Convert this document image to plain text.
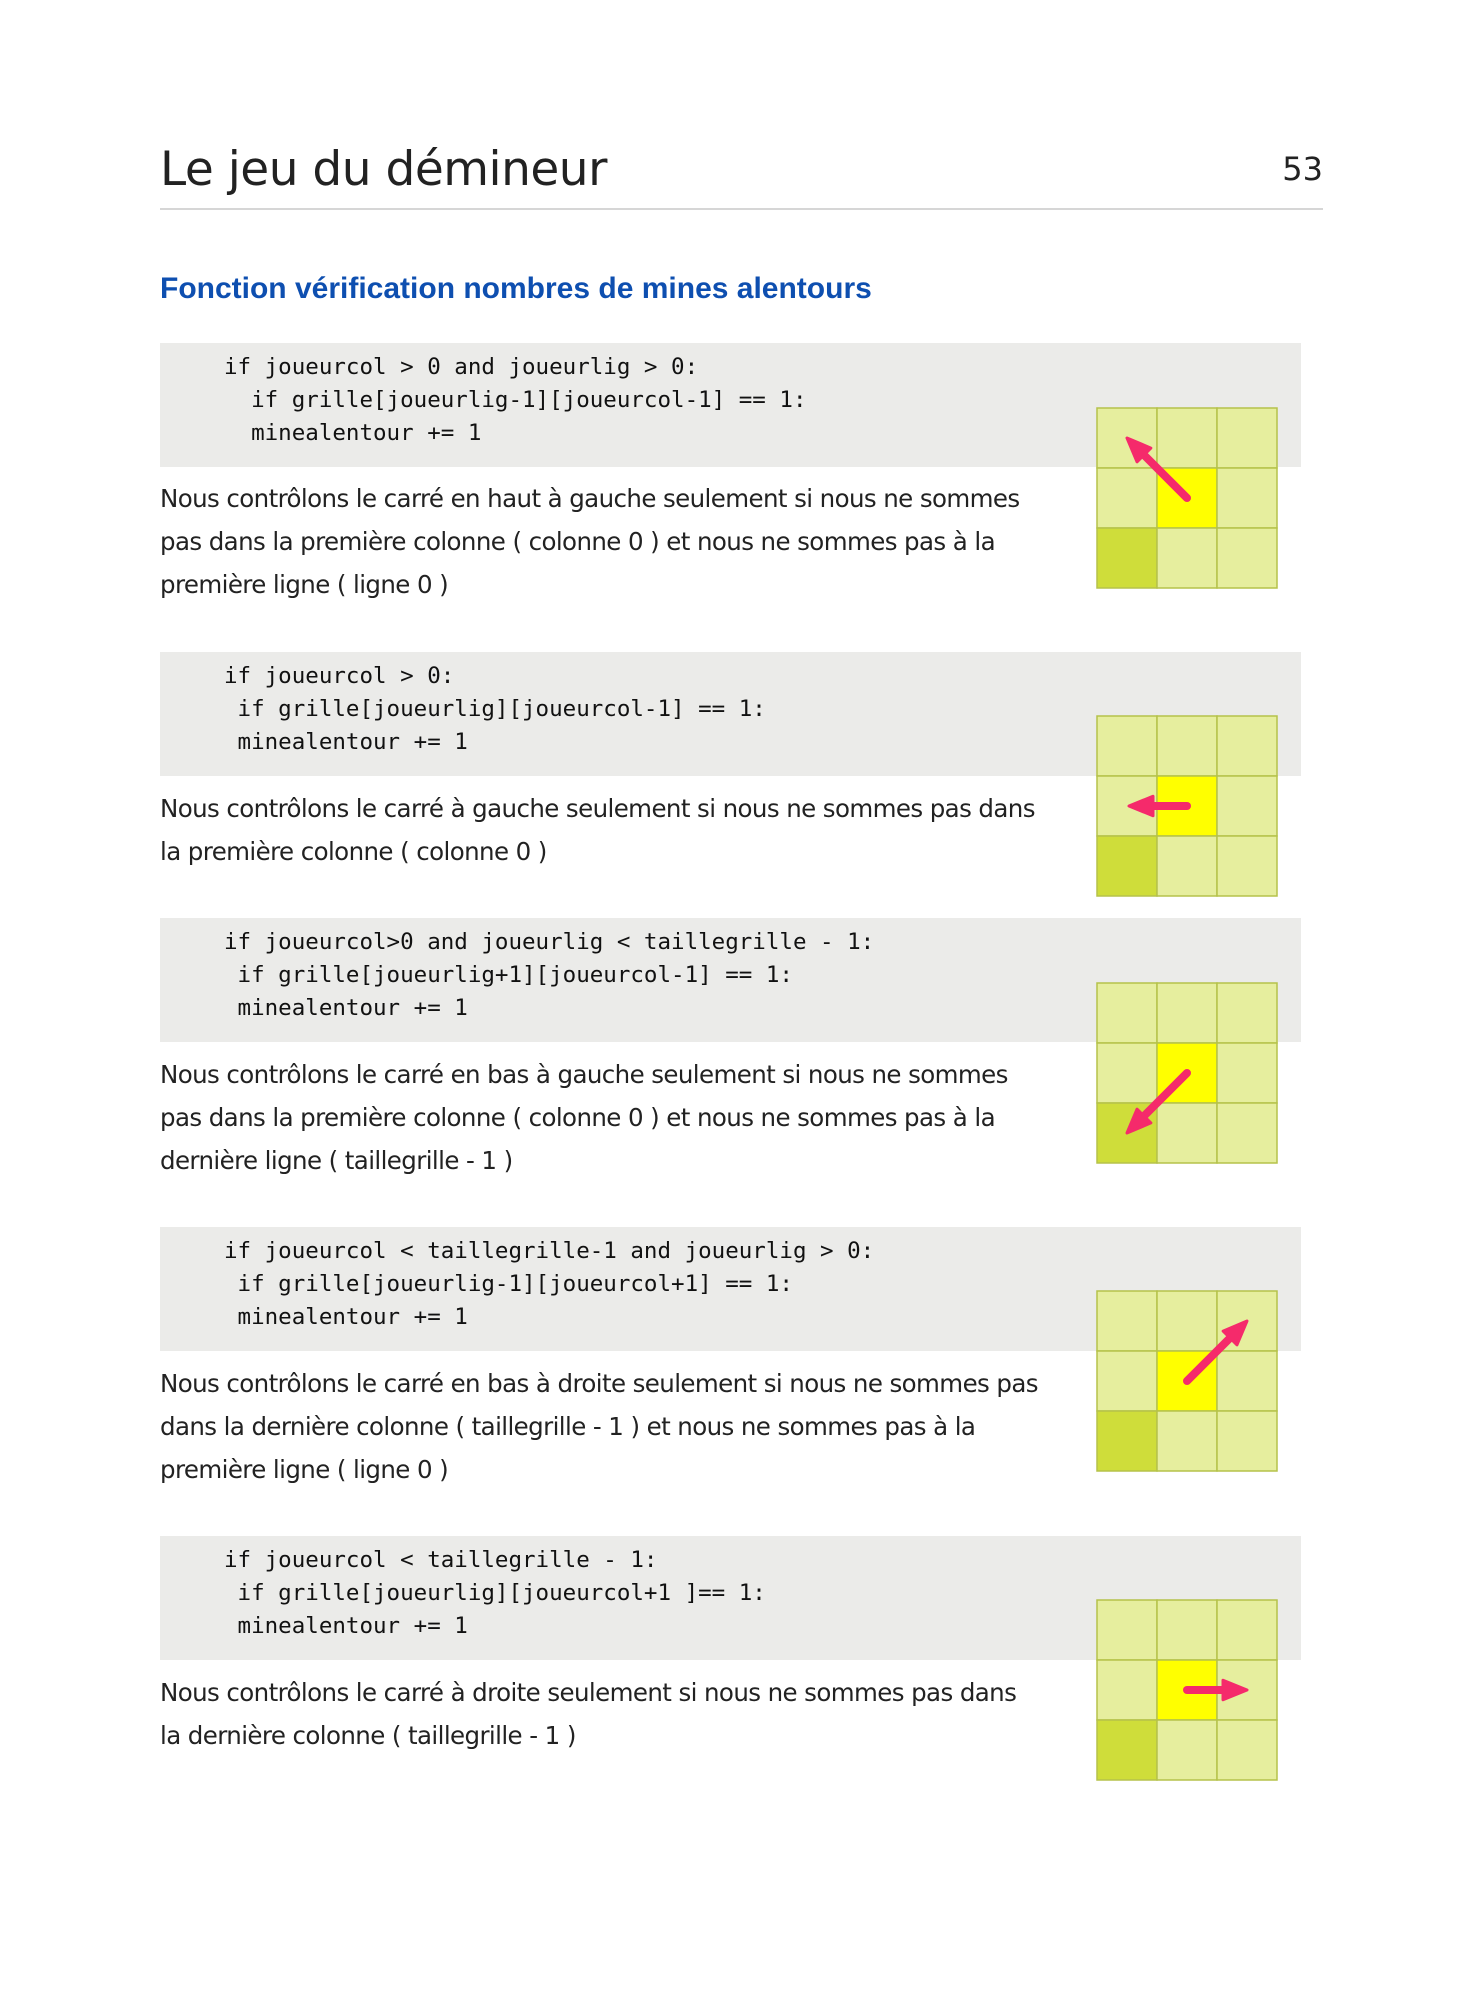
Le jeu du démineur	53
Fonction vérification nombres de mines alentours
if joueurcol > 0 and joueurlig > 0:
if grille[joueurlig-1][joueurcol-1] == 1:
minealentour += 1
Nous contrôlons le carré en haut à gauche seulement si nous ne sommes pas dans la première colonne ( colonne 0 ) et nous ne sommes pas à la première ligne ( ligne 0 )
if joueurcol > 0:
if grille[joueurlig][joueurcol-1] == 1:
minealentour += 1
Nous contrôlons le carré à gauche seulement si nous ne sommes pas dans la première colonne ( colonne 0 )
if joueurcol>0 and joueurlig < taillegrille - 1:
if grille[joueurlig+1][joueurcol-1] == 1:
minealentour += 1
Nous contrôlons le carré en bas à gauche seulement si nous ne sommes pas dans la première colonne ( colonne 0 ) et nous ne sommes pas à la dernière ligne ( taillegrille - 1 )
if joueurcol < taillegrille-1 and joueurlig > 0:
if grille[joueurlig-1][joueurcol+1] == 1:
minealentour += 1
Nous contrôlons le carré en bas à droite seulement si nous ne sommes pas dans la dernière colonne ( taillegrille - 1 ) et nous ne sommes pas à la première ligne ( ligne 0 )
if joueurcol < taillegrille - 1:
if grille[joueurlig][joueurcol+1 ]== 1:
minealentour += 1
Nous contrôlons le carré à droite seulement si nous ne sommes pas dans la dernière colonne ( taillegrille - 1 )
